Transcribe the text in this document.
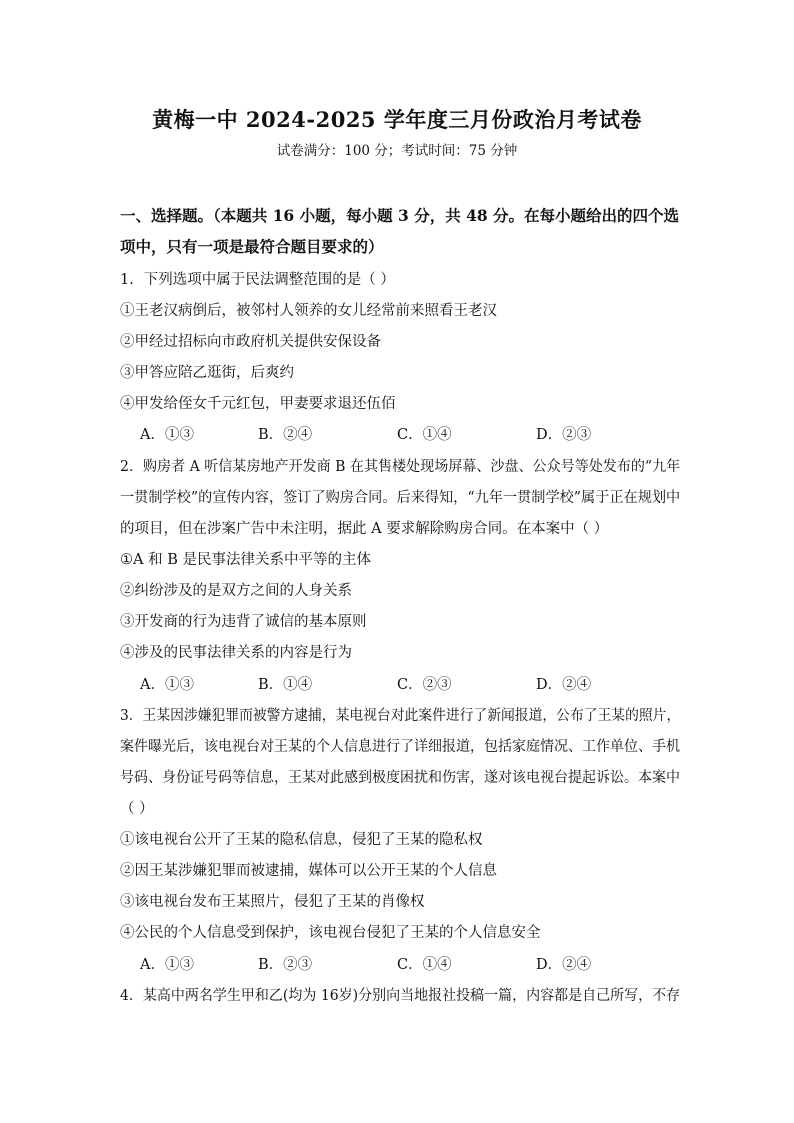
黄梅一中 2024-2025 学年度三月份政治月考试卷
试卷满分：100 分；考试时间：75 分钟
一、选择题。（本题共 16 小题，每小题 3 分，共 48 分。在每小题给出的四个选
项中，只有一项是最符合题目要求的）
1．下列选项中属于民法调整范围的是（ ）
①王老汉病倒后，被邻村人领养的女儿经常前来照看王老汉
②甲经过招标向市政府机关提供安保设备
③甲答应陪乙逛街，后爽约
④甲发给侄女千元红包，甲妻要求退还伍佰
A．①③	B．②④	C．①④	D．②③
2．购房者 A 听信某房地产开发商 B 在其售楼处现场屏幕、沙盘、公众号等处发布的“九年
一贯制学校”的宣传内容，签订了购房合同。后来得知，“九年一贯制学校”属于正在规划中
的项目，但在涉案广告中未注明，据此 A 要求解除购房合同。在本案中（ ）
①A 和 B 是民事法律关系中平等的主体
②纠纷涉及的是双方之间的人身关系
③开发商的行为违背了诚信的基本原则
④涉及的民事法律关系的内容是行为
A．①③	B．①④	C．②③	D．②④
3．王某因涉嫌犯罪而被警方逮捕，某电视台对此案件进行了新闻报道，公布了王某的照片，
案件曝光后，该电视台对王某的个人信息进行了详细报道，包括家庭情况、工作单位、手机
号码、身份证号码等信息，王某对此感到极度困扰和伤害，遂对该电视台提起诉讼。本案中
（ ）
①该电视台公开了王某的隐私信息，侵犯了王某的隐私权
②因王某涉嫌犯罪而被逮捕，媒体可以公开王某的个人信息
③该电视台发布王某照片，侵犯了王某的肖像权
④公民的个人信息受到保护，该电视台侵犯了王某的个人信息安全
A．①③	B．②③	C．①④	D．②④
4．某高中两名学生甲和乙(均为 16岁)分别向当地报社投稿一篇，内容都是自己所写，不存
